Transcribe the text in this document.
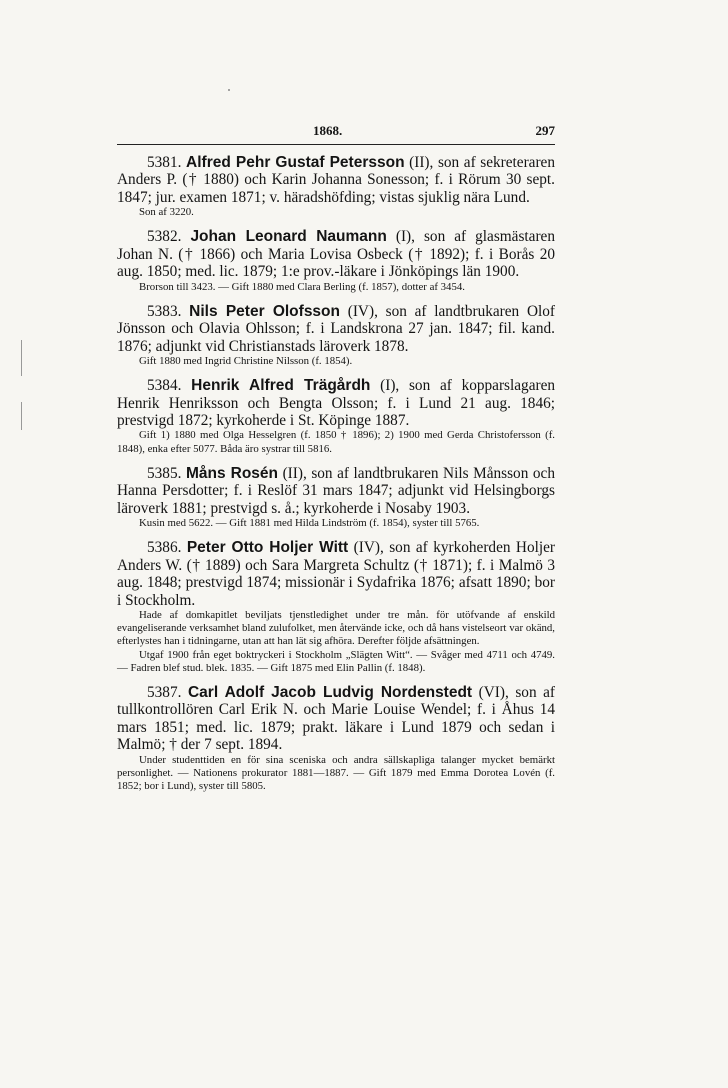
1868.	297

5381. Alfred Pehr Gustaf Petersson (II), son af sekreteraren Anders P. († 1880) och Karin Johanna Sonesson; f. i Rörum 30 sept. 1847; jur. examen 1871; v. häradshöfding; vistas sjuklig nära Lund.

Son af 3220.

5382. Johan Leonard Naumann (I), son af glasmästaren Johan N. († 1866) och Maria Lovisa Osbeck († 1892); f. i Borås 20 aug. 1850; med. lic. 1879; 1:e prov.-läkare i Jönköpings län 1900.

Brorson till 3423. — Gift 1880 med Clara Berling (f. 1857), dotter af 3454.

5383. Nils Peter Olofsson (IV), son af landtbrukaren Olof Jönsson och Olavia Ohlsson; f. i Landskrona 27 jan. 1847; fil. kand. 1876; adjunkt vid Christianstads läroverk 1878.

Gift 1880 med Ingrid Christine Nilsson (f. 1854).

5384. Henrik Alfred Trägårdh (I), son af kopparslagaren Henrik Henriksson och Bengta Olsson; f. i Lund 21 aug. 1846; prestvigd 1872; kyrkoherde i St. Köpinge 1887.

Gift 1) 1880 med Olga Hesselgren (f. 1850 † 1896); 2) 1900 med Gerda Christofersson (f. 1848), enka efter 5077. Båda äro systrar till 5816.

5385. Måns Rosén (II), son af landtbrukaren Nils Månsson och Hanna Persdotter; f. i Reslöf 31 mars 1847; adjunkt vid Helsingborgs läroverk 1881; prestvigd s. å.; kyrkoherde i Nosaby 1903.

Kusin med 5622. — Gift 1881 med Hilda Lindström (f. 1854), syster till 5765.

5386. Peter Otto Holjer Witt (IV), son af kyrkoherden Holjer Anders W. († 1889) och Sara Margreta Schultz († 1871); f. i Malmö 3 aug. 1848; prestvigd 1874; missionär i Sydafrika 1876; afsatt 1890; bor i Stockholm.

Hade af domkapitlet beviljats tjenstledighet under tre mån. för utöfvande af enskild evangeliserande verksamhet bland zulufolket, men återvände icke, och då hans vistelseort var okänd, efterlystes han i tidningarne, utan att han lät sig afhöra. Derefter följde afsättningen.

Utgaf 1900 från eget boktryckeri i Stockholm „Slägten Witt“. — Svåger med 4711 och 4749. — Fadren blef stud. blek. 1835. — Gift 1875 med Elin Pallin (f. 1848).

5387. Carl Adolf Jacob Ludvig Nordenstedt (VI), son af tullkontrollören Carl Erik N. och Marie Louise Wendel; f. i Åhus 14 mars 1851; med. lic. 1879; prakt. läkare i Lund 1879 och sedan i Malmö; † der 7 sept. 1894.

Under studenttiden en för sina sceniska och andra sällskapliga talanger mycket bemärkt personlighet. — Nationens prokurator 1881—1887. — Gift 1879 med Emma Dorotea Lovén (f. 1852; bor i Lund), syster till 5805.
